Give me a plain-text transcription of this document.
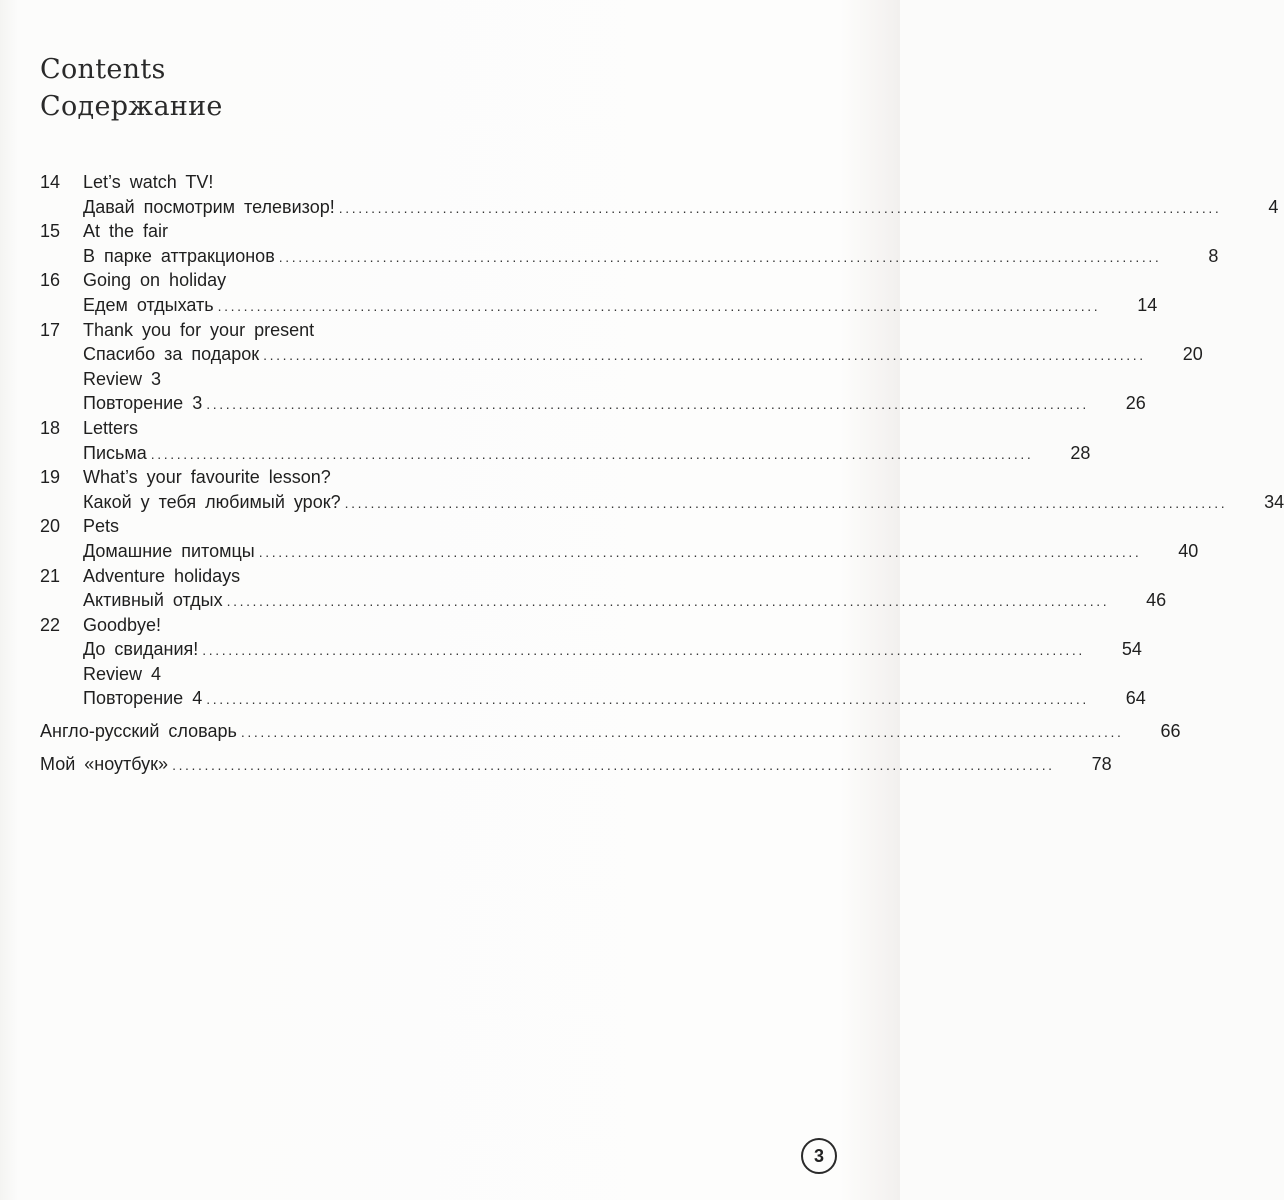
Contents
Содержание
14	Let’s watch TV!
Давай посмотрим телевизор! ........................................................................................................................................	4
15	At the fair
В парке аттракционов ........................................................................................................................................	8
16	Going on holiday
Едем отдыхать ........................................................................................................................................	14
17	Thank you for your present
Спасибо за подарок ........................................................................................................................................	20
Review 3
Повторение 3 ........................................................................................................................................	26
18	Letters
Письма ........................................................................................................................................	28
19	What’s your favourite lesson?
Какой у тебя любимый урок? ........................................................................................................................................	34
20	Pets
Домашние питомцы ........................................................................................................................................	40
21	Adventure holidays
Активный отдых ........................................................................................................................................	46
22	Goodbye!
До свидания! ........................................................................................................................................	54
Review 4
Повторение 4 ........................................................................................................................................	64
Англо-русский словарь ........................................................................................................................................	66
Мой «ноутбук» ........................................................................................................................................	78
3
